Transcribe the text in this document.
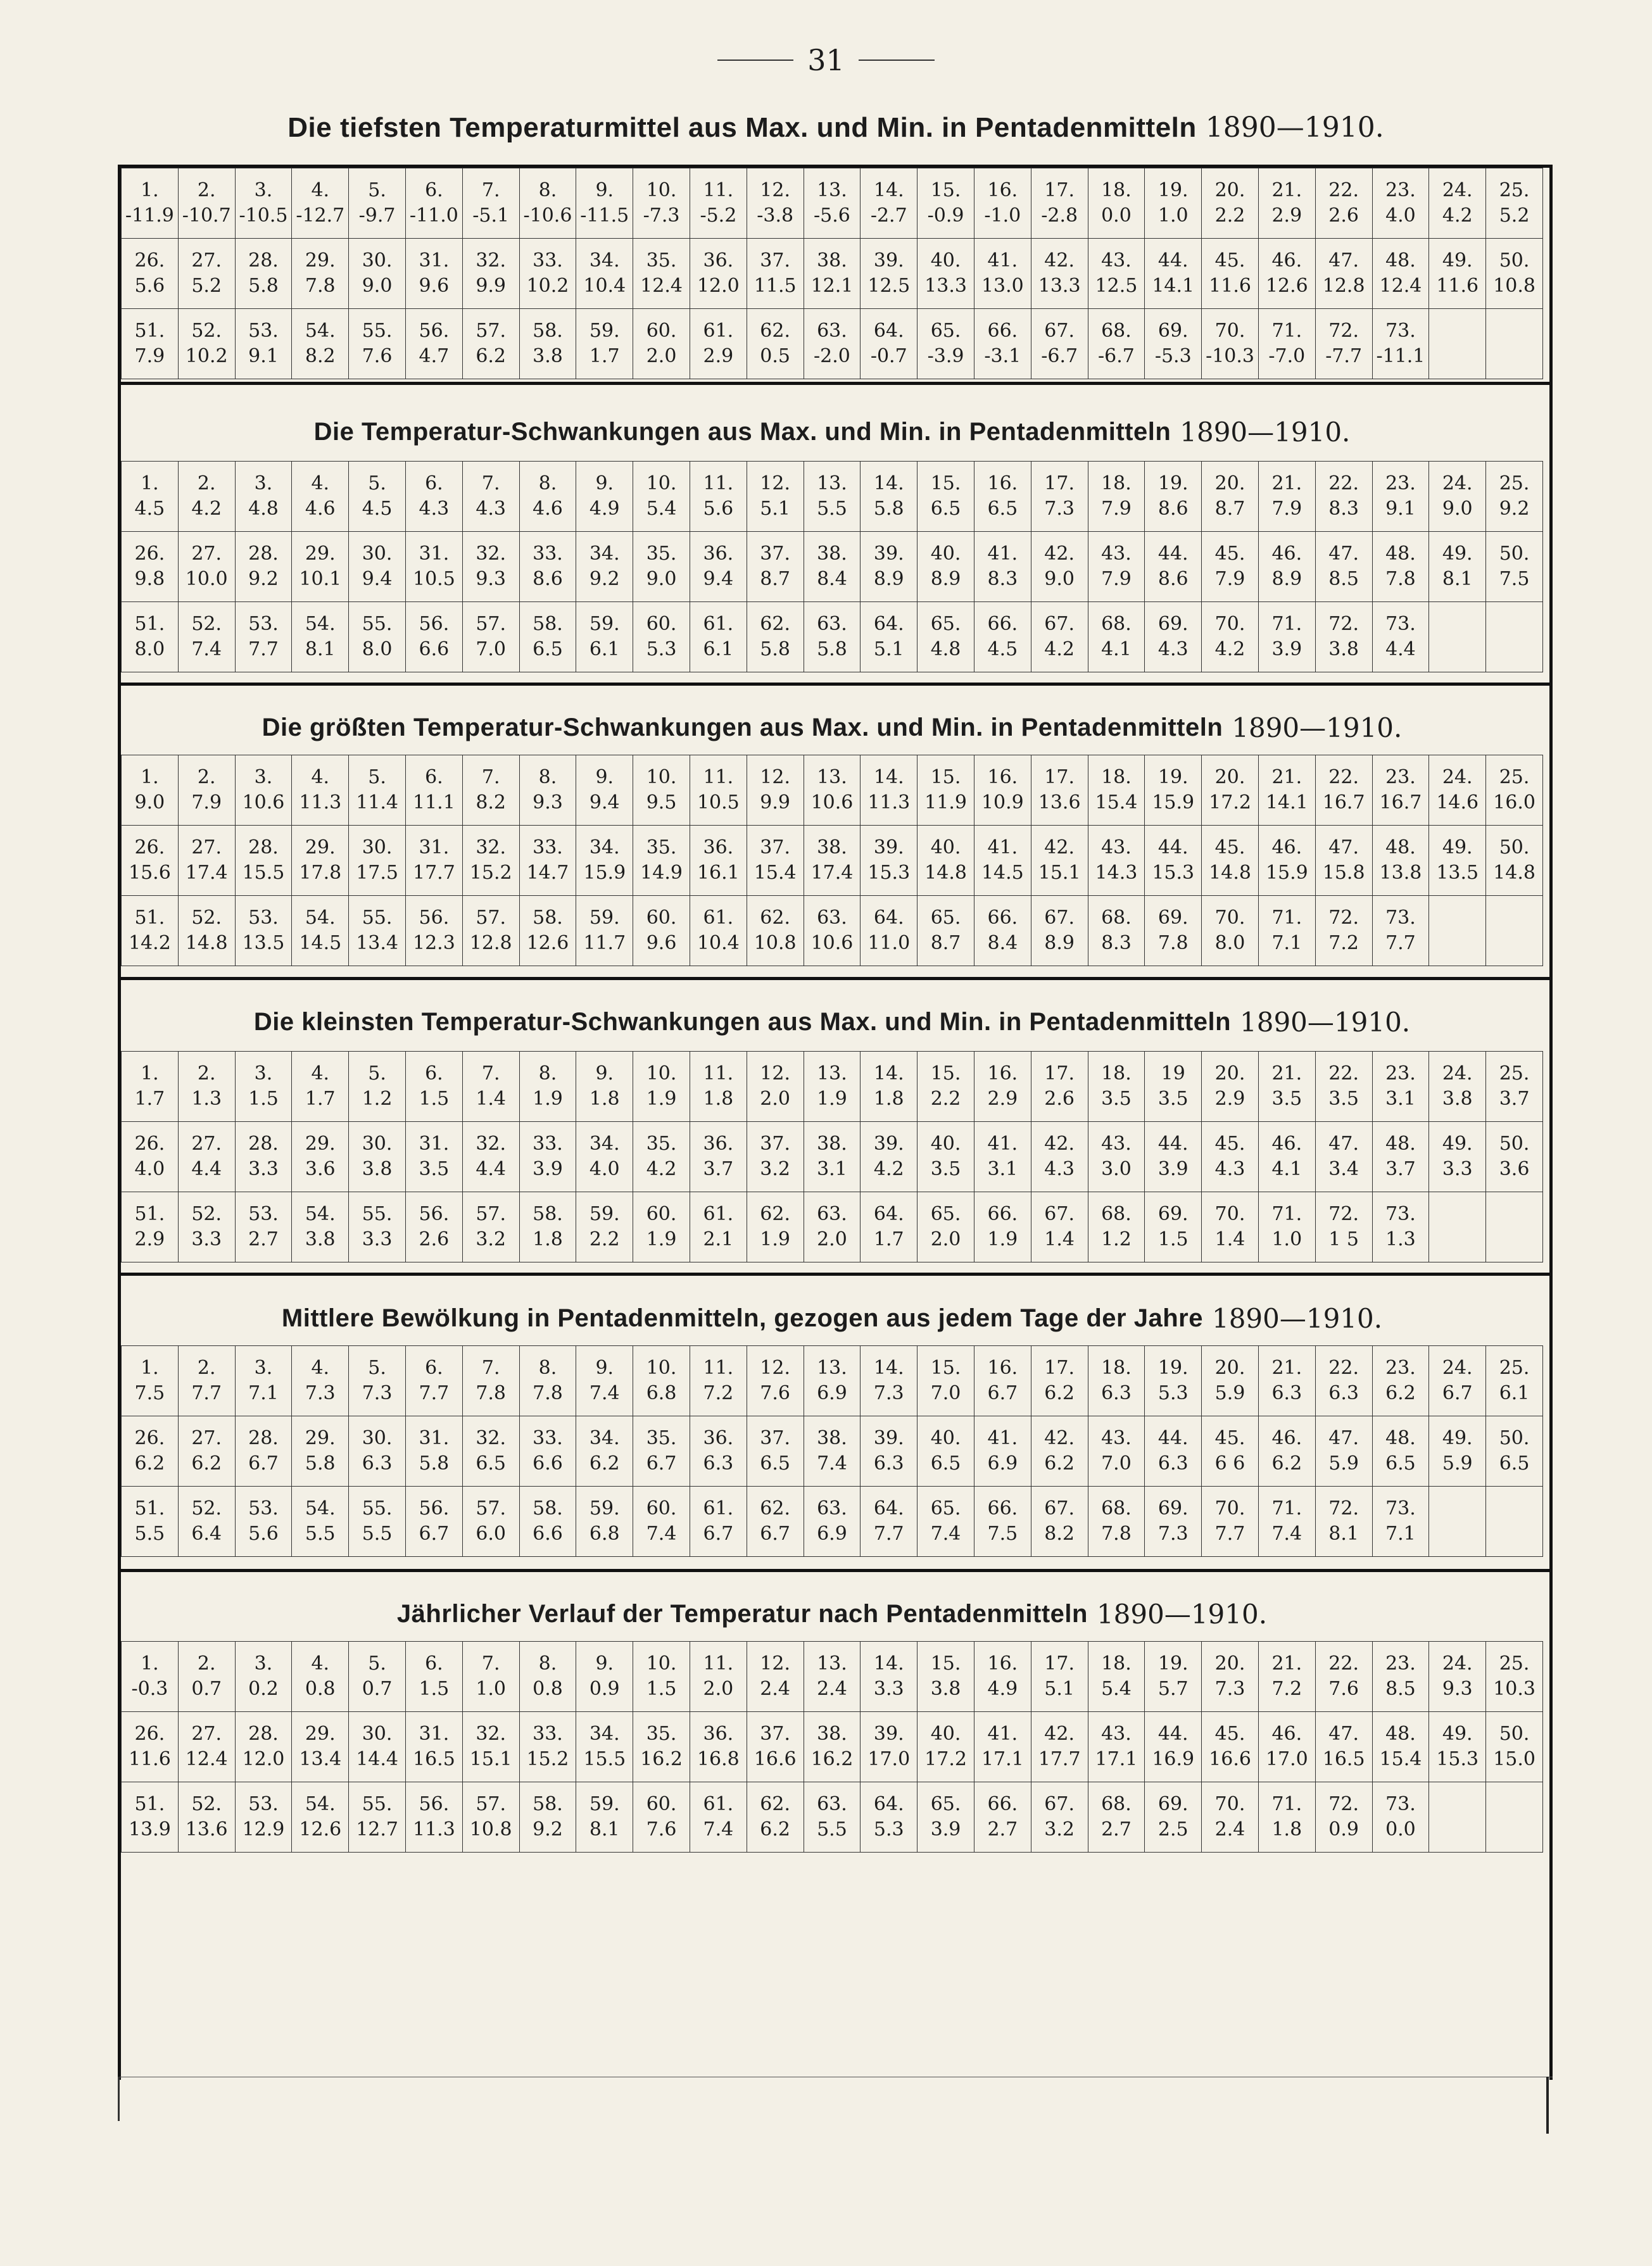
31
Die tiefsten Temperaturmittel aus Max. und Min. in Pentadenmitteln 1890—1910.
1.
-11.9	2.
-10.7	3.
-10.5	4.
-12.7	5.
-9.7	6.
-11.0	7.
-5.1	8.
-10.6	9.
-11.5	10.
-7.3	11.
-5.2	12.
-3.8	13.
-5.6	14.
-2.7	15.
-0.9	16.
-1.0	17.
-2.8	18.
0.0	19.
1.0	20.
2.2	21.
2.9	22.
2.6	23.
4.0	24.
4.2	25.
5.2

26.
5.6	27.
5.2	28.
5.8	29.
7.8	30.
9.0	31.
9.6	32.
9.9	33.
10.2	34.
10.4	35.
12.4	36.
12.0	37.
11.5	38.
12.1	39.
12.5	40.
13.3	41.
13.0	42.
13.3	43.
12.5	44.
14.1	45.
11.6	46.
12.6	47.
12.8	48.
12.4	49.
11.6	50.
10.8

51.
7.9	52.
10.2	53.
9.1	54.
8.2	55.
7.6	56.
4.7	57.
6.2	58.
3.8	59.
1.7	60.
2.0	61.
2.9	62.
0.5	63.
-2.0	64.
-0.7	65.
-3.9	66.
-3.1	67.
-6.7	68.
-6.7	69.
-5.3	70.
-10.3	71.
-7.0	72.
-7.7	73.
-11.1		

Die Temperatur-Schwankungen aus Max. und Min. in Pentadenmitteln 1890—1910.
1.
4.5	2.
4.2	3.
4.8	4.
4.6	5.
4.5	6.
4.3	7.
4.3	8.
4.6	9.
4.9	10.
5.4	11.
5.6	12.
5.1	13.
5.5	14.
5.8	15.
6.5	16.
6.5	17.
7.3	18.
7.9	19.
8.6	20.
8.7	21.
7.9	22.
8.3	23.
9.1	24.
9.0	25.
9.2

26.
9.8	27.
10.0	28.
9.2	29.
10.1	30.
9.4	31.
10.5	32.
9.3	33.
8.6	34.
9.2	35.
9.0	36.
9.4	37.
8.7	38.
8.4	39.
8.9	40.
8.9	41.
8.3	42.
9.0	43.
7.9	44.
8.6	45.
7.9	46.
8.9	47.
8.5	48.
7.8	49.
8.1	50.
7.5

51.
8.0	52.
7.4	53.
7.7	54.
8.1	55.
8.0	56.
6.6	57.
7.0	58.
6.5	59.
6.1	60.
5.3	61.
6.1	62.
5.8	63.
5.8	64.
5.1	65.
4.8	66.
4.5	67.
4.2	68.
4.1	69.
4.3	70.
4.2	71.
3.9	72.
3.8	73.
4.4		

Die größten Temperatur-Schwankungen aus Max. und Min. in Pentadenmitteln 1890—1910.
1.
9.0	2.
7.9	3.
10.6	4.
11.3	5.
11.4	6.
11.1	7.
8.2	8.
9.3	9.
9.4	10.
9.5	11.
10.5	12.
9.9	13.
10.6	14.
11.3	15.
11.9	16.
10.9	17.
13.6	18.
15.4	19.
15.9	20.
17.2	21.
14.1	22.
16.7	23.
16.7	24.
14.6	25.
16.0

26.
15.6	27.
17.4	28.
15.5	29.
17.8	30.
17.5	31.
17.7	32.
15.2	33.
14.7	34.
15.9	35.
14.9	36.
16.1	37.
15.4	38.
17.4	39.
15.3	40.
14.8	41.
14.5	42.
15.1	43.
14.3	44.
15.3	45.
14.8	46.
15.9	47.
15.8	48.
13.8	49.
13.5	50.
14.8

51.
14.2	52.
14.8	53.
13.5	54.
14.5	55.
13.4	56.
12.3	57.
12.8	58.
12.6	59.
11.7	60.
9.6	61.
10.4	62.
10.8	63.
10.6	64.
11.0	65.
8.7	66.
8.4	67.
8.9	68.
8.3	69.
7.8	70.
8.0	71.
7.1	72.
7.2	73.
7.7		

Die kleinsten Temperatur-Schwankungen aus Max. und Min. in Pentadenmitteln 1890—1910.
1.
1.7	2.
1.3	3.
1.5	4.
1.7	5.
1.2	6.
1.5	7.
1.4	8.
1.9	9.
1.8	10.
1.9	11.
1.8	12.
2.0	13.
1.9	14.
1.8	15.
2.2	16.
2.9	17.
2.6	18.
3.5	19
3.5	20.
2.9	21.
3.5	22.
3.5	23.
3.1	24.
3.8	25.
3.7

26.
4.0	27.
4.4	28.
3.3	29.
3.6	30.
3.8	31.
3.5	32.
4.4	33.
3.9	34.
4.0	35.
4.2	36.
3.7	37.
3.2	38.
3.1	39.
4.2	40.
3.5	41.
3.1	42.
4.3	43.
3.0	44.
3.9	45.
4.3	46.
4.1	47.
3.4	48.
3.7	49.
3.3	50.
3.6

51.
2.9	52.
3.3	53.
2.7	54.
3.8	55.
3.3	56.
2.6	57.
3.2	58.
1.8	59.
2.2	60.
1.9	61.
2.1	62.
1.9	63.
2.0	64.
1.7	65.
2.0	66.
1.9	67.
1.4	68.
1.2	69.
1.5	70.
1.4	71.
1.0	72.
1 5	73.
1.3		

Mittlere Bewölkung in Pentadenmitteln, gezogen aus jedem Tage der Jahre 1890—1910.
1.
7.5	2.
7.7	3.
7.1	4.
7.3	5.
7.3	6.
7.7	7.
7.8	8.
7.8	9.
7.4	10.
6.8	11.
7.2	12.
7.6	13.
6.9	14.
7.3	15.
7.0	16.
6.7	17.
6.2	18.
6.3	19.
5.3	20.
5.9	21.
6.3	22.
6.3	23.
6.2	24.
6.7	25.
6.1

26.
6.2	27.
6.2	28.
6.7	29.
5.8	30.
6.3	31.
5.8	32.
6.5	33.
6.6	34.
6.2	35.
6.7	36.
6.3	37.
6.5	38.
7.4	39.
6.3	40.
6.5	41.
6.9	42.
6.2	43.
7.0	44.
6.3	45.
6 6	46.
6.2	47.
5.9	48.
6.5	49.
5.9	50.
6.5

51.
5.5	52.
6.4	53.
5.6	54.
5.5	55.
5.5	56.
6.7	57.
6.0	58.
6.6	59.
6.8	60.
7.4	61.
6.7	62.
6.7	63.
6.9	64.
7.7	65.
7.4	66.
7.5	67.
8.2	68.
7.8	69.
7.3	70.
7.7	71.
7.4	72.
8.1	73.
7.1		

Jährlicher Verlauf der Temperatur nach Pentadenmitteln 1890—1910.
1.
-0.3	2.
0.7	3.
0.2	4.
0.8	5.
0.7	6.
1.5	7.
1.0	8.
0.8	9.
0.9	10.
1.5	11.
2.0	12.
2.4	13.
2.4	14.
3.3	15.
3.8	16.
4.9	17.
5.1	18.
5.4	19.
5.7	20.
7.3	21.
7.2	22.
7.6	23.
8.5	24.
9.3	25.
10.3

26.
11.6	27.
12.4	28.
12.0	29.
13.4	30.
14.4	31.
16.5	32.
15.1	33.
15.2	34.
15.5	35.
16.2	36.
16.8	37.
16.6	38.
16.2	39.
17.0	40.
17.2	41.
17.1	42.
17.7	43.
17.1	44.
16.9	45.
16.6	46.
17.0	47.
16.5	48.
15.4	49.
15.3	50.
15.0

51.
13.9	52.
13.6	53.
12.9	54.
12.6	55.
12.7	56.
11.3	57.
10.8	58.
9.2	59.
8.1	60.
7.6	61.
7.4	62.
6.2	63.
5.5	64.
5.3	65.
3.9	66.
2.7	67.
3.2	68.
2.7	69.
2.5	70.
2.4	71.
1.8	72.
0.9	73.
0.0		
